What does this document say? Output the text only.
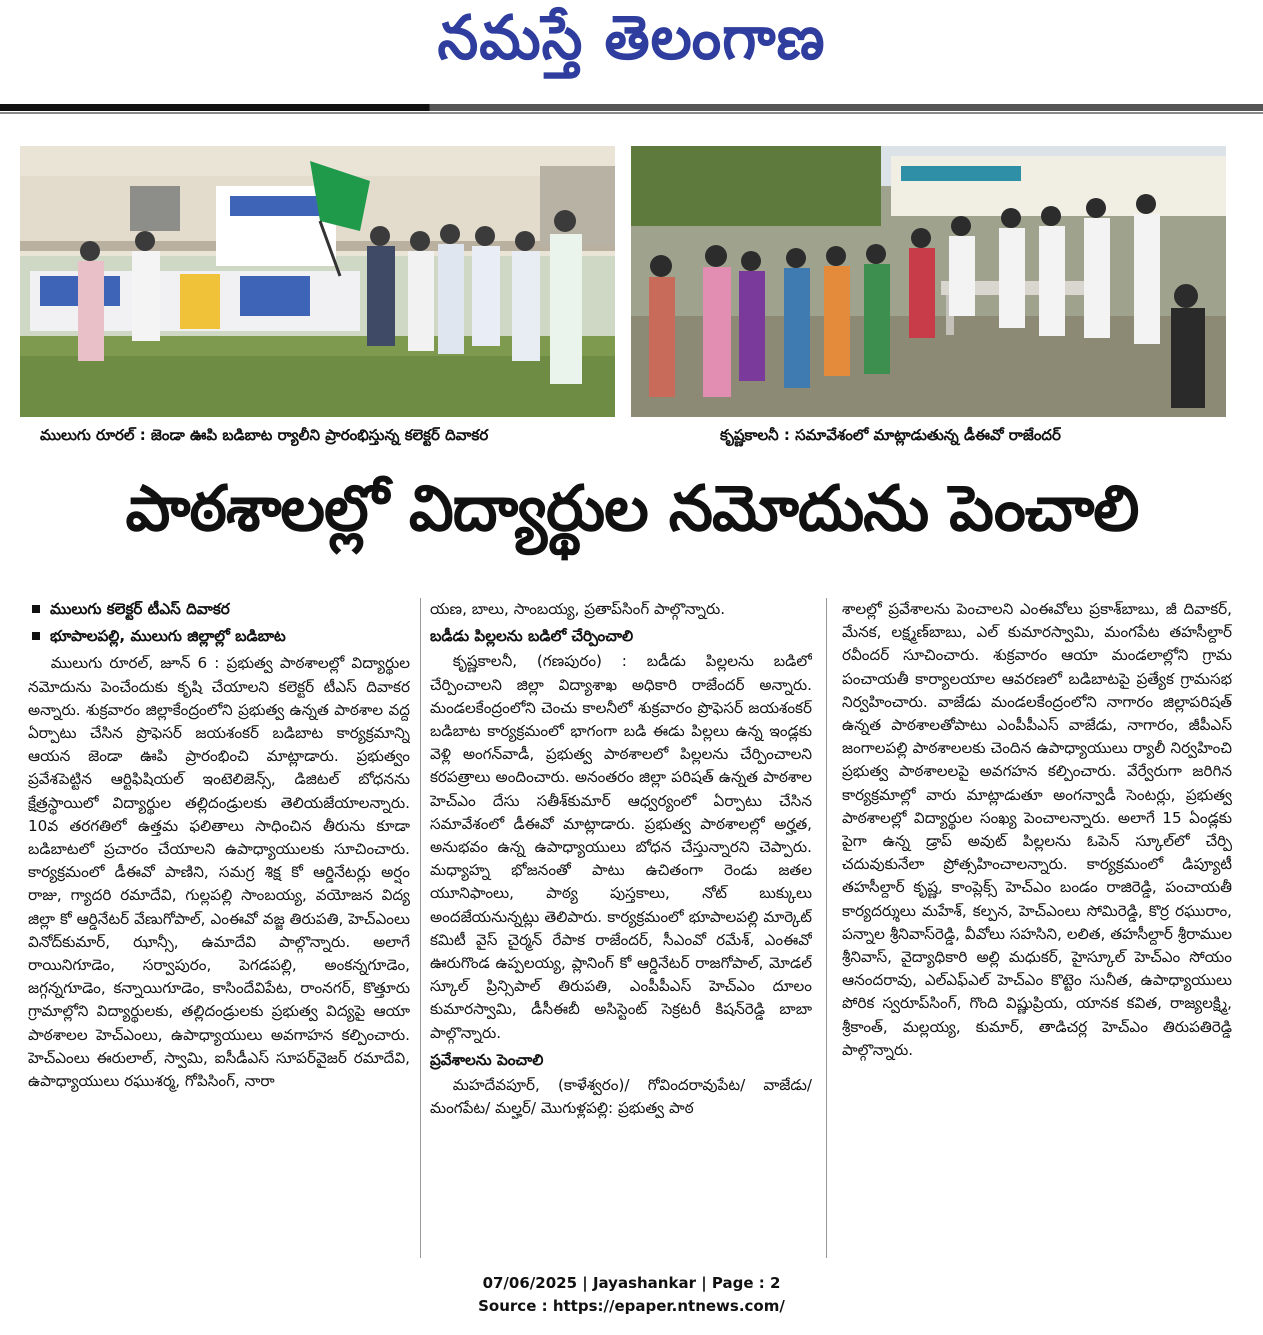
నమస్తే తెలంగాణ
ములుగు రూరల్ : జెండా ఊపి బడిబాట ర్యాలీని ప్రారంభిస్తున్న కలెక్టర్ దివాకర	కృష్ణకాలనీ : సమావేశంలో మాట్లాడుతున్న డీఈవో రాజేందర్
పాఠశాలల్లో విద్యార్థుల నమోదును పెంచాలి
ములుగు కలెక్టర్ టీఎస్ దివాకర
భూపాలపల్లి, ములుగు జిల్లాల్లో బడిబాట

ములుగు రూరల్, జూన్ 6 : ప్రభుత్వ పాఠశాలల్లో విద్యార్థుల నమోదును పెంచేందుకు కృషి చేయాలని కలెక్టర్ టీఎస్ దివాకర అన్నారు. శుక్రవారం జిల్లాకేంద్రంలోని ప్రభుత్వ ఉన్నత పాఠశాల వద్ద ఏర్పాటు చేసిన ప్రొఫెసర్ జయశంకర్ బడిబాట కార్యక్రమాన్ని ఆయన జెండా ఊపి ప్రారంభించి మాట్లాడారు. ప్రభుత్వం ప్రవేశపెట్టిన ఆర్టిఫిషియల్ ఇంటెలిజెన్స్, డిజిటల్ బోధనను క్షేత్రస్థాయిలో విద్యార్థుల తల్లిదండ్రులకు తెలియజేయాలన్నారు. 10వ తరగతిలో ఉత్తమ ఫలితాలు సాధించిన తీరును కూడా బడిబాటలో ప్రచారం చేయాలని ఉపాధ్యాయులకు సూచించారు. కార్యక్రమంలో డీఈవో పాణిని, సమగ్ర శిక్ష కో ఆర్డినేటర్లు అర్షం రాజు, గ్యాదరి రమాదేవి, గుల్లపల్లి సాంబయ్య, వయోజన విద్య జిల్లా కో ఆర్డినేటర్ వేణుగోపాల్, ఎంఈవో వజ్జ తిరుపతి, హెచ్‌ఎంలు వినోద్‌కుమార్, ఝాన్సీ, ఉమాదేవి పాల్గొన్నారు. అలాగే రాయినిగూడెం, సర్వాపురం, పెగడపల్లి, అంకన్నగూడెం, జగ్గన్నగూడెం, కన్నాయిగూడెం, కాసిందేవిపేట, రాంనగర్, కొత్తూరు గ్రామాల్లోని విద్యార్థులకు, తల్లిదండ్రులకు ప్రభుత్వ విద్యపై ఆయా పాఠశాలల హెచ్‌ఎంలు, ఉపాధ్యాయులు అవగాహన కల్పించారు. హెచ్‌ఎంలు ఈరులాల్, స్వామి, ఐసీడీఎస్ సూపర్‌వైజర్ రమాదేవి, ఉపాధ్యాయులు రఘుశర్మ, గోపిసింగ్, నారా

యణ, బాలు, సాంబయ్య, ప్రతాప్‌సింగ్ పాల్గొన్నారు.
బడీడు పిల్లలను బడిలో చేర్పించాలి

కృష్ణకాలనీ, (గణపురం) : బడీడు పిల్లలను బడిలో చేర్పించాలని జిల్లా విద్యాశాఖ అధికారి రాజేందర్ అన్నారు. మండలకేంద్రంలోని చెంచు కాలనీలో శుక్రవారం ప్రొఫెసర్ జయశంకర్ బడిబాట కార్యక్రమంలో భాగంగా బడి ఈడు పిల్లలు ఉన్న ఇండ్లకు వెళ్లి అంగన్‌వాడీ, ప్రభుత్వ పాఠశాలలో పిల్లలను చేర్పించాలని కరపత్రాలు అందించారు. అనంతరం జిల్లా పరిషత్ ఉన్నత పాఠశాల హెచ్‌ఎం దేసు సతీశ్‌కుమార్ ఆధ్వర్యంలో ఏర్పాటు చేసిన సమావేశంలో డీఈవో మాట్లాడారు. ప్రభుత్వ పాఠశాలల్లో అర్హత, అనుభవం ఉన్న ఉపాధ్యాయులు బోధన చేస్తున్నారని చెప్పారు. మధ్యాహ్న భోజనంతో పాటు ఉచితంగా రెండు జతల యూనిఫాంలు, పాఠ్య పుస్తకాలు, నోట్ బుక్కులు అందజేయనున్నట్లు తెలిపారు. కార్యక్రమంలో భూపాలపల్లి మార్కెట్ కమిటీ వైస్ చైర్మన్ రేపాక రాజేందర్, సీఎంవో రమేశ్, ఎంఈవో ఊరుగొండ ఉప్పలయ్య, ప్లానింగ్ కో ఆర్డినేటర్ రాజగోపాల్, మోడల్ స్కూల్ ప్రిన్సిపాల్ తిరుపతి, ఎంపీపీఎస్ హెచ్‌ఎం దూలం కుమారస్వామి, డీసీఈబీ అసిస్టెంట్ సెక్రటరీ కిషన్‌రెడ్డి బాబా పాల్గొన్నారు.

ప్రవేశాలను పెంచాలి

మహదేవపూర్, (కాళేశ్వరం)/ గోవిందరావుపేట/ వాజేడు/ మంగపేట/ మల్హర్/ మొగుళ్లపల్లి: ప్రభుత్వ పాఠ

శాలల్లో ప్రవేశాలను పెంచాలని ఎంఈవోలు ప్రకాశ్‌బాబు, జీ దివాకర్, మేనక, లక్ష్మణ్‌బాబు, ఎల్ కుమారస్వామి, మంగపేట తహసీల్దార్ రవీందర్ సూచించారు. శుక్రవారం ఆయా మండలాల్లోని గ్రామ పంచాయతీ కార్యాలయాల ఆవరణలో బడిబాటపై ప్రత్యేక గ్రామసభ నిర్వహించారు. వాజేడు మండలకేంద్రంలోని నాగారం జిల్లాపరిషత్ ఉన్నత పాఠశాలతోపాటు ఎంపీపీఎస్ వాజేడు, నాగారం, జీపీఎస్ జంగాలపల్లి పాఠశాలలకు చెందిన ఉపాధ్యాయులు ర్యాలీ నిర్వహించి ప్రభుత్వ పాఠశాలలపై అవగహన కల్పించారు. వేర్వేరుగా జరిగిన కార్యక్రమాల్లో వారు మాట్లాడుతూ అంగన్వాడీ సెంటర్లు, ప్రభుత్వ పాఠశాలల్లో విద్యార్థుల సంఖ్య పెంచాలన్నారు. అలాగే 15 ఏండ్లకు పైగా ఉన్న డ్రాప్ అవుట్ పిల్లలను ఓపెన్ స్కూల్‌లో చేర్పి చదువుకునేలా ప్రోత్సహించాలన్నారు. కార్యక్రమంలో డిప్యూటీ తహసీల్దార్ కృష్ణ, కాంప్లెక్స్ హెచ్‌ఎం బండం రాజిరెడ్డి, పంచాయతీ కార్యదర్శులు మహేశ్, కల్పన, హెచ్‌ఎంలు సోమిరెడ్డి, కొర్ర రఘురాం, పన్నాల శ్రీనివాస్‌రెడ్డి, వీవోలు సహసిని, లలిత, తహసీల్దార్ శ్రీరాముల శ్రీనివాస్, వైద్యాధికారి అల్లి మధుకర్, హైస్కూల్ హెచ్‌ఎం సోయం ఆనందరావు, ఎల్‌ఎఫ్‌ఎల్ హెచ్‌ఎం కొట్టెం సునీత, ఉపాధ్యాయులు పోరిక స్వరూప్‌సింగ్, గొంది విష్ణుప్రియ, యానక కవిత, రాజ్యలక్ష్మి, శ్రీకాంత్, మల్లయ్య, కుమార్, తాడిచర్ల హెచ్‌ఎం తిరుపతిరెడ్డి పాల్గొన్నారు.
07/06/2025 | Jayashankar | Page : 2
Source : https://epaper.ntnews.com/
